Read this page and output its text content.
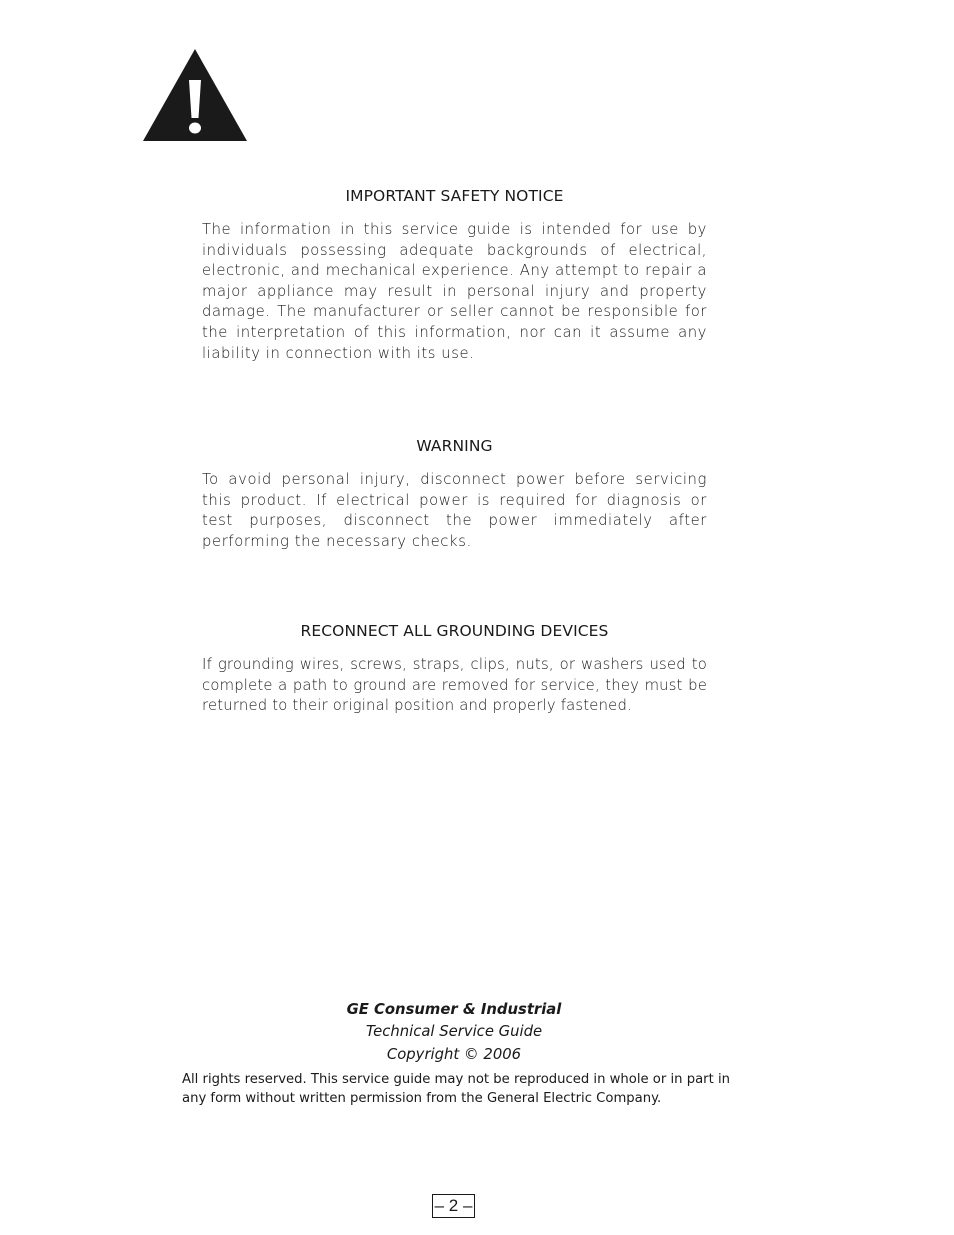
IMPORTANT SAFETY NOTICE

The information in this service guide is intended for use by individuals possessing adequate backgrounds of electrical, electronic, and mechanical experience. Any attempt to repair a major appliance may result in personal injury and property damage. The manufacturer or seller cannot be responsible for the interpretation of this information, nor can it assume any liability in connection with its use.

WARNING

To avoid personal injury, disconnect power before servicing this product. If electrical power is required for diagnosis or test purposes, disconnect the power immediately after performing the necessary checks.

RECONNECT ALL GROUNDING DEVICES

If grounding wires, screws, straps, clips, nuts, or washers used to complete a path to ground are removed for service, they must be returned to their original position and properly fastened.

GE Consumer & Industrial
Technical Service Guide
Copyright © 2006

All rights reserved. This service guide may not be reproduced in whole or in part in any form without written permission from the General Electric Company.

– 2 –
